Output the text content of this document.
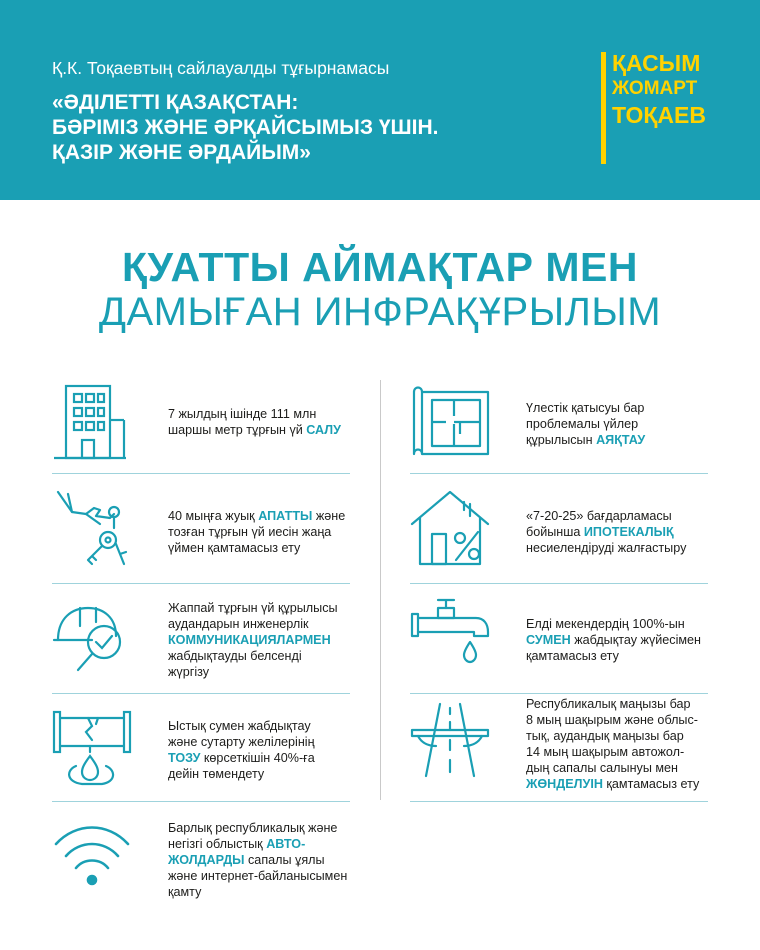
Қ.К. Тоқаевтың сайлауалды тұғырнамасы
«ӘДІЛЕТТІ ҚАЗАҚСТАН:
БӘРІМІЗ ЖӘНЕ ӘРҚАЙСЫМЫЗ ҮШІН.
ҚАЗІР ЖӘНЕ ӘРДАЙЫМ»
ҚАСЫМ
ЖОМАРТ
ТОҚАЕВ
ҚУАТТЫ АЙМАҚТАР МЕН
ДАМЫҒАН ИНФРАҚҰРЫЛЫМ
7 жылдың ішінде 111 млн
шаршы метр тұрғын үй САЛУ
40 мыңға жуық АПАТТЫ және
тозған тұрғын үй иесін жаңа
үймен қамтамасыз ету
Жаппай тұрғын үй құрылысы
аудандарын инженерлік
КОММУНИКАЦИЯЛАРМЕН
жабдықтауды белсенді
жүргізу
Ыстық сумен жабдықтау
және сутарту желілерінің
ТОЗУ көрсеткішін 40%-ға
дейін төмендету
Барлық республикалық және
негізгі облыстық АВТО-
ЖОЛДАРДЫ сапалы ұялы
және интернет-байланысымен
қамту
Үлестік қатысуы бар
проблемалы үйлер
құрылысын АЯҚТАУ
«7-20-25» бағдарламасы
бойынша ИПОТЕКАЛЫҚ
несиелендіруді жалғастыру
Елді мекендердің 100%-ын
СУМЕН жабдықтау жүйесімен
қамтамасыз ету
Республикалық маңызы бар
8 мың шақырым және облыс-
тық, аудандық маңызы бар
14 мың шақырым автожол-
дың сапалы салынуы мен
ЖӨНДЕЛУІН қамтамасыз ету
